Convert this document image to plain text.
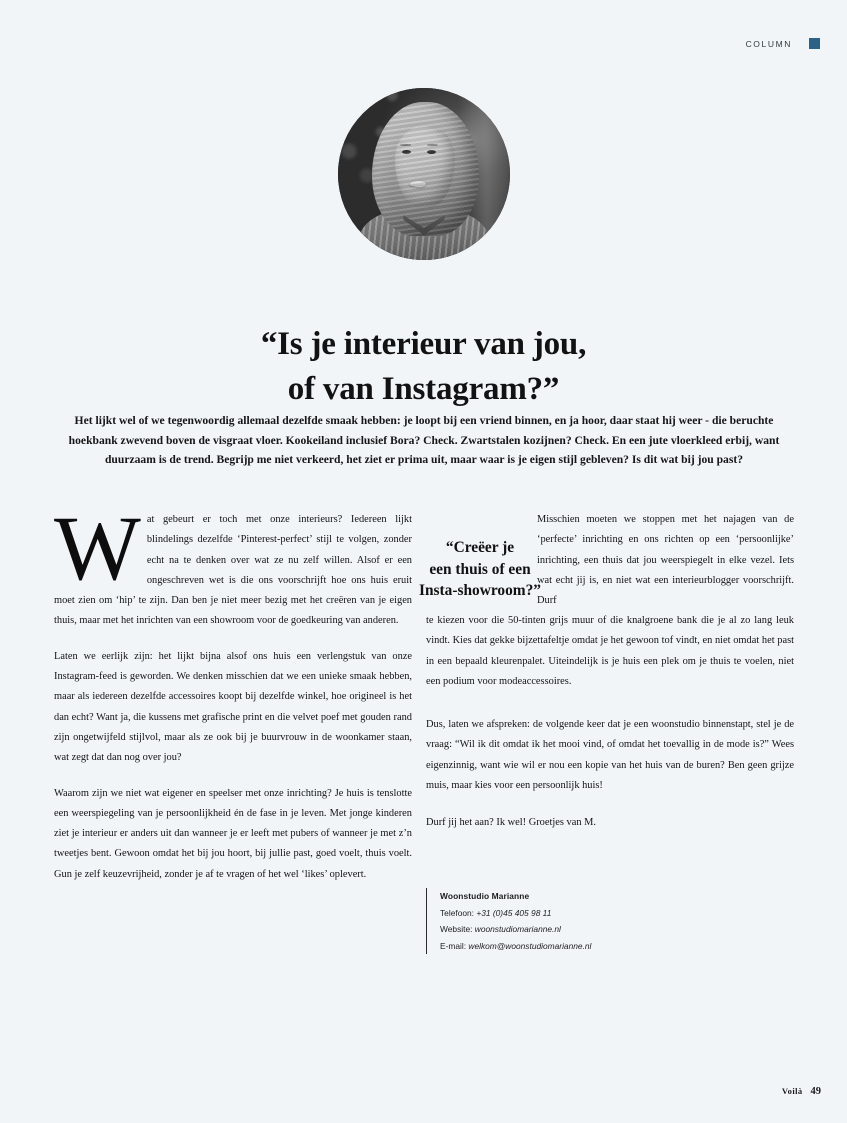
COLUMN
“Is je interieur van jou,
of van Instagram?”
Het lijkt wel of we tegenwoordig allemaal dezelfde smaak hebben: je loopt bij een vriend binnen, en ja hoor, daar staat hij weer - die beruchte hoekbank zwevend boven de visgraat vloer. Kookeiland inclusief Bora? Check. Zwartstalen kozijnen? Check. En een jute vloerkleed erbij, want duurzaam is de trend. Begrijp me niet verkeerd, het ziet er prima uit, maar waar is je eigen stijl gebleven? Is dit wat bij jou past?

Wat gebeurt er toch met onze interieurs? Iedereen lijkt blindelings dezelfde ‘Pinterest-perfect’ stijl te volgen, zonder echt na te denken over wat ze nu zelf willen. Alsof er een ongeschreven wet is die ons voorschrijft hoe ons huis eruit moet zien om ‘hip’ te zijn. Dan ben je niet meer bezig met het creëren van je eigen thuis, maar met het inrichten van een showroom voor de goedkeuring van anderen.

Laten we eerlijk zijn: het lijkt bijna alsof ons huis een verlengstuk van onze Instagram-feed is geworden. We denken misschien dat we een unieke smaak hebben, maar als iedereen dezelfde accessoires koopt bij dezelfde winkel, hoe origineel is het dan echt? Want ja, die kussens met grafische print en die velvet poef met gouden rand zijn ongetwijfeld stijlvol, maar als ze ook bij je buurvrouw in de woonkamer staan, wat zegt dat dan nog over jou?

Waarom zijn we niet wat eigener en speelser met onze inrichting? Je huis is tenslotte een weerspiegeling van je persoonlijkheid én de fase in je leven. Met jonge kinderen ziet je interieur er anders uit dan wanneer je er leeft met pubers of wanneer je met z’n tweetjes bent. Gewoon omdat het bij jou hoort, bij jullie past, goed voelt, thuis voelt. Gun je zelf keuzevrijheid, zonder je af te vragen of het wel ‘likes’ oplevert.

“Creëer je
een thuis of een
Insta-showroom?”
Misschien moeten we stoppen met het najagen van de ‘perfecte’ inrichting en ons richten op een ‘persoonlijke’ inrichting, een thuis dat jou weerspiegelt in elke vezel. Iets wat echt jij is, en niet wat een interieurblogger voorschrijft. Durf
te kiezen voor die 50-tinten grijs muur of die knalgroene bank die je al zo lang leuk vindt. Kies dat gekke bijzettafeltje omdat je het gewoon tof vindt, en niet omdat het past in een bepaald kleurenpalet. Uiteindelijk is je huis een plek om je thuis te voelen, niet een podium voor modeaccessoires.

Dus, laten we afspreken: de volgende keer dat je een woonstudio binnenstapt, stel je de vraag: “Wil ik dit omdat ik het mooi vind, of omdat het toevallig in de mode is?” Wees eigenzinnig, want wie wil er nou een kopie van het huis van de buren? Ben geen grijze muis, maar kies voor een persoonlijk huis!

Durf jij het aan? Ik wel! Groetjes van M.

Woonstudio Marianne
Telefoon: +31 (0)45 405 98 11
Website: woonstudiomarianne.nl
E-mail: welkom@woonstudiomarianne.nl
Voilà 49
